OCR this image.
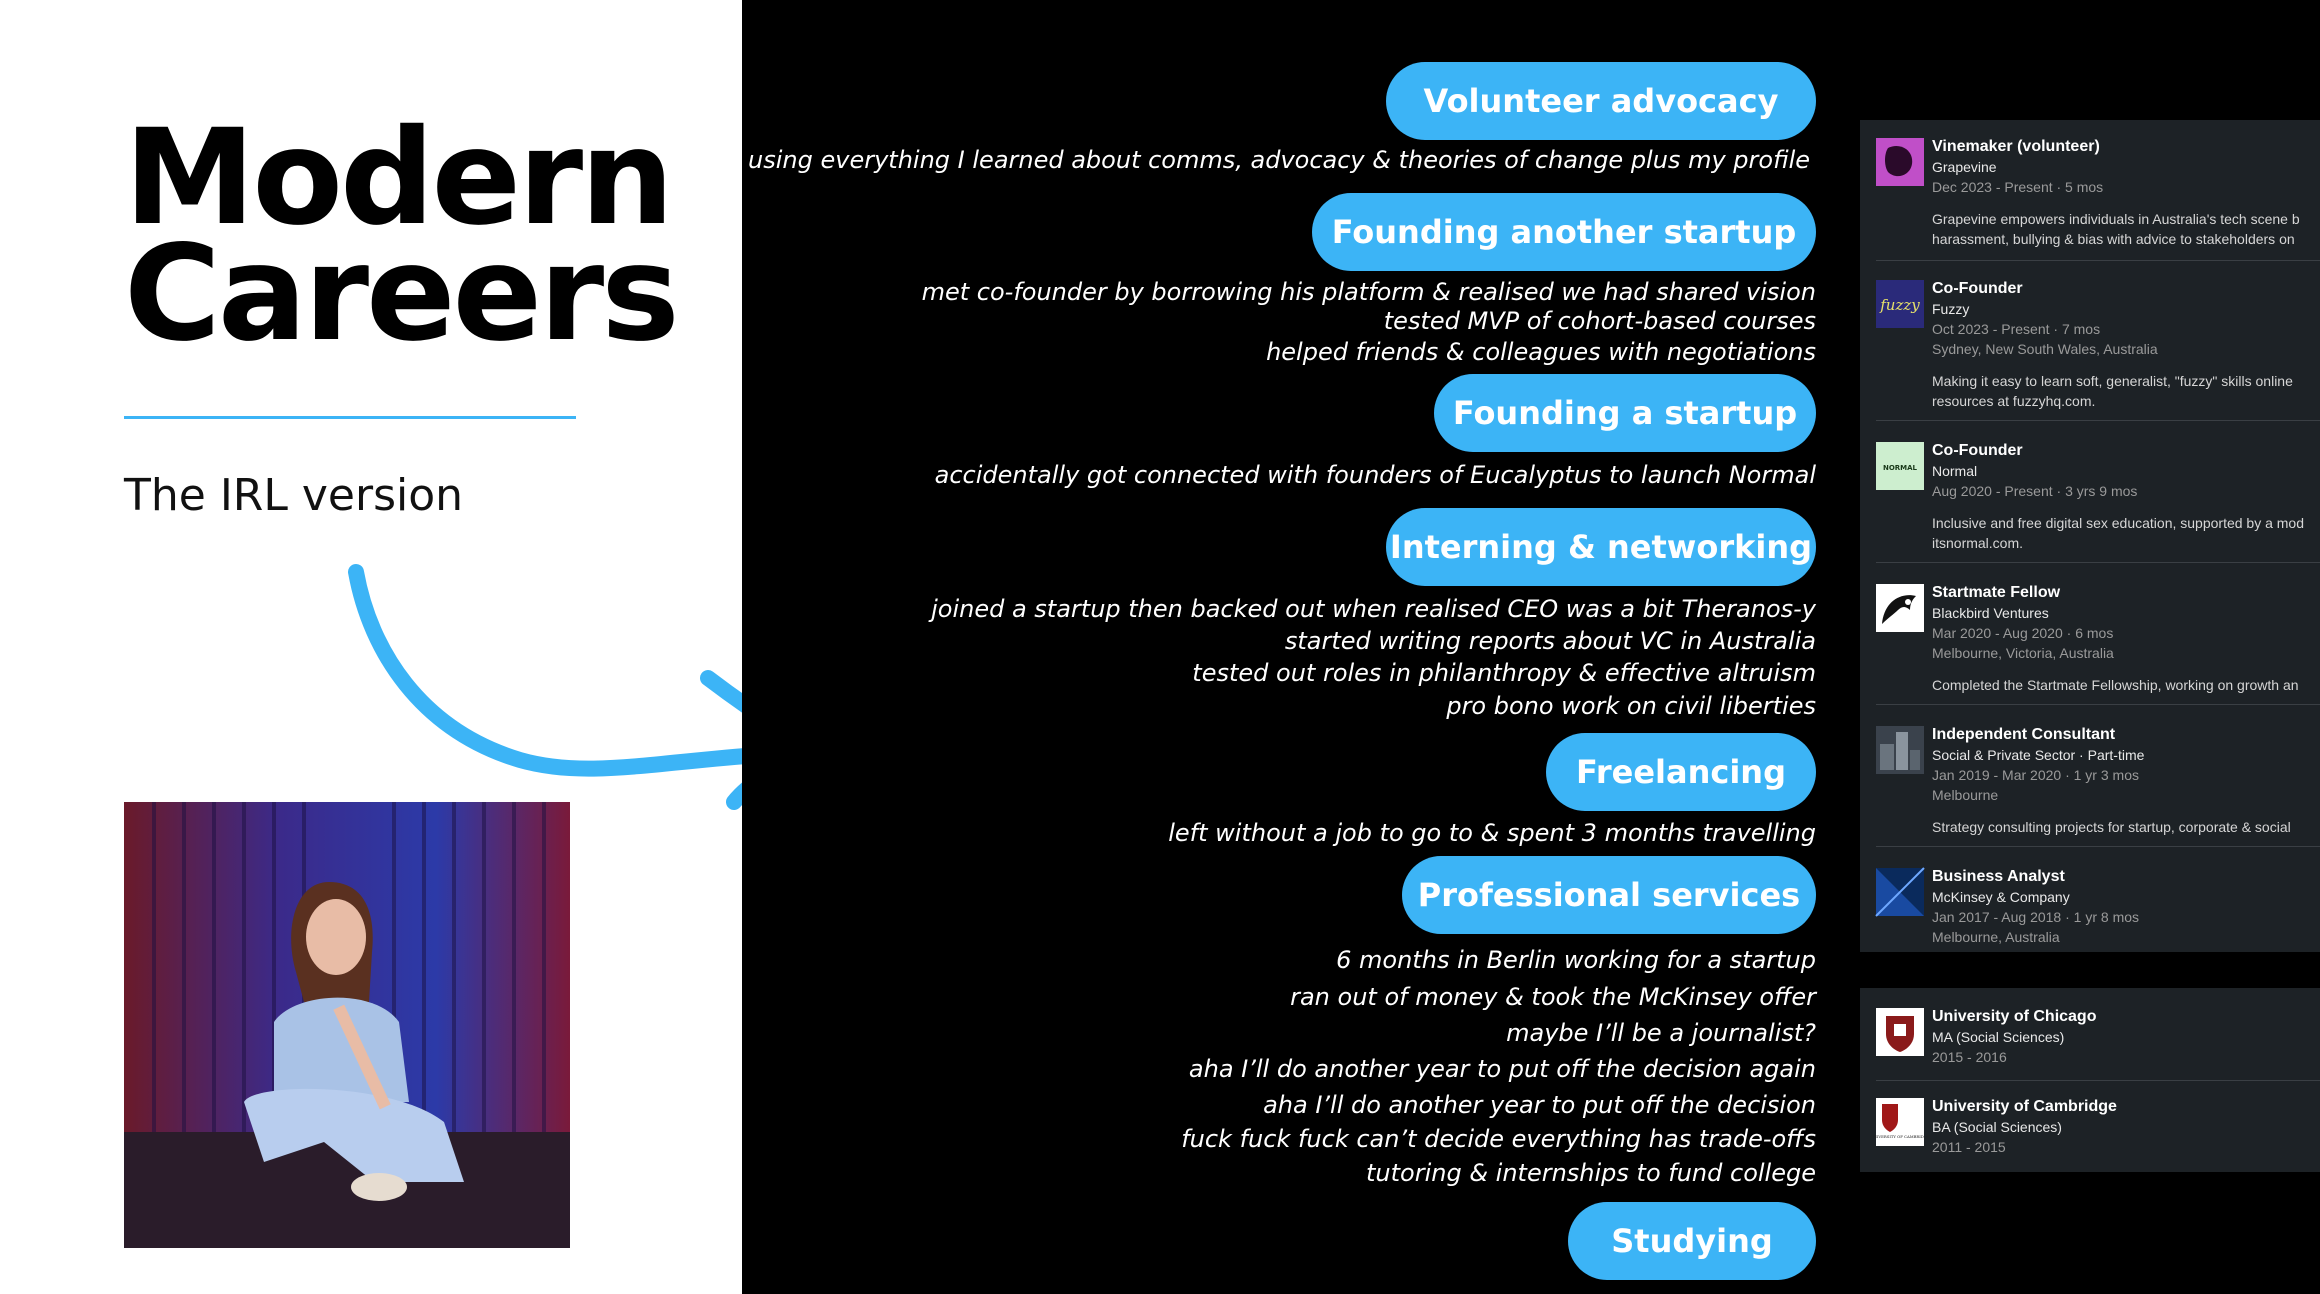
Modern
Careers
The IRL version
Volunteer advocacy
using everything I learned about comms, advocacy & theories of change plus my profile
Founding another startup
met co-founder by borrowing his platform & realised we had shared vision
tested MVP of cohort-based courses
helped friends & colleagues with negotiations
Founding a startup
accidentally got connected with founders of Eucalyptus to launch Normal
Interning & networking
joined a startup then backed out when realised CEO was a bit Theranos-y
started writing reports about VC in Australia
tested out roles in philanthropy & effective altruism
pro bono work on civil liberties
Freelancing
left without a job to go to & spent 3 months travelling
Professional services
6 months in Berlin working for a startup
ran out of money & took the McKinsey offer
maybe I’ll be a journalist?
aha I’ll do another year to put off the decision again
aha I’ll do another year to put off the decision
fuck fuck fuck can’t decide everything has trade-offs
tutoring & internships to fund college
Studying
Vinemaker (volunteer)
Grapevine
Dec 2023 - Present · 5 mos
Grapevine empowers individuals in Australia's tech scene b
harassment, bullying & bias with advice to stakeholders on
fuzzy
Co-Founder
Fuzzy
Oct 2023 - Present · 7 mos
Sydney, New South Wales, Australia
Making it easy to learn soft, generalist, "fuzzy" skills online
resources at fuzzyhq.com.
NORMAL
Co-Founder
Normal
Aug 2020 - Present · 3 yrs 9 mos
Inclusive and free digital sex education, supported by a mod
itsnormal.com.
Startmate Fellow
Blackbird Ventures
Mar 2020 - Aug 2020 · 6 mos
Melbourne, Victoria, Australia
Completed the Startmate Fellowship, working on growth an
Independent Consultant
Social & Private Sector · Part-time
Jan 2019 - Mar 2020 · 1 yr 3 mos
Melbourne
Strategy consulting projects for startup, corporate & social
Business Analyst
McKinsey & Company
Jan 2017 - Aug 2018 · 1 yr 8 mos
Melbourne, Australia
University of Chicago
MA (Social Sciences)
2015 - 2016
UNIVERSITY OF CAMBRIDGE
University of Cambridge
BA (Social Sciences)
2011 - 2015
